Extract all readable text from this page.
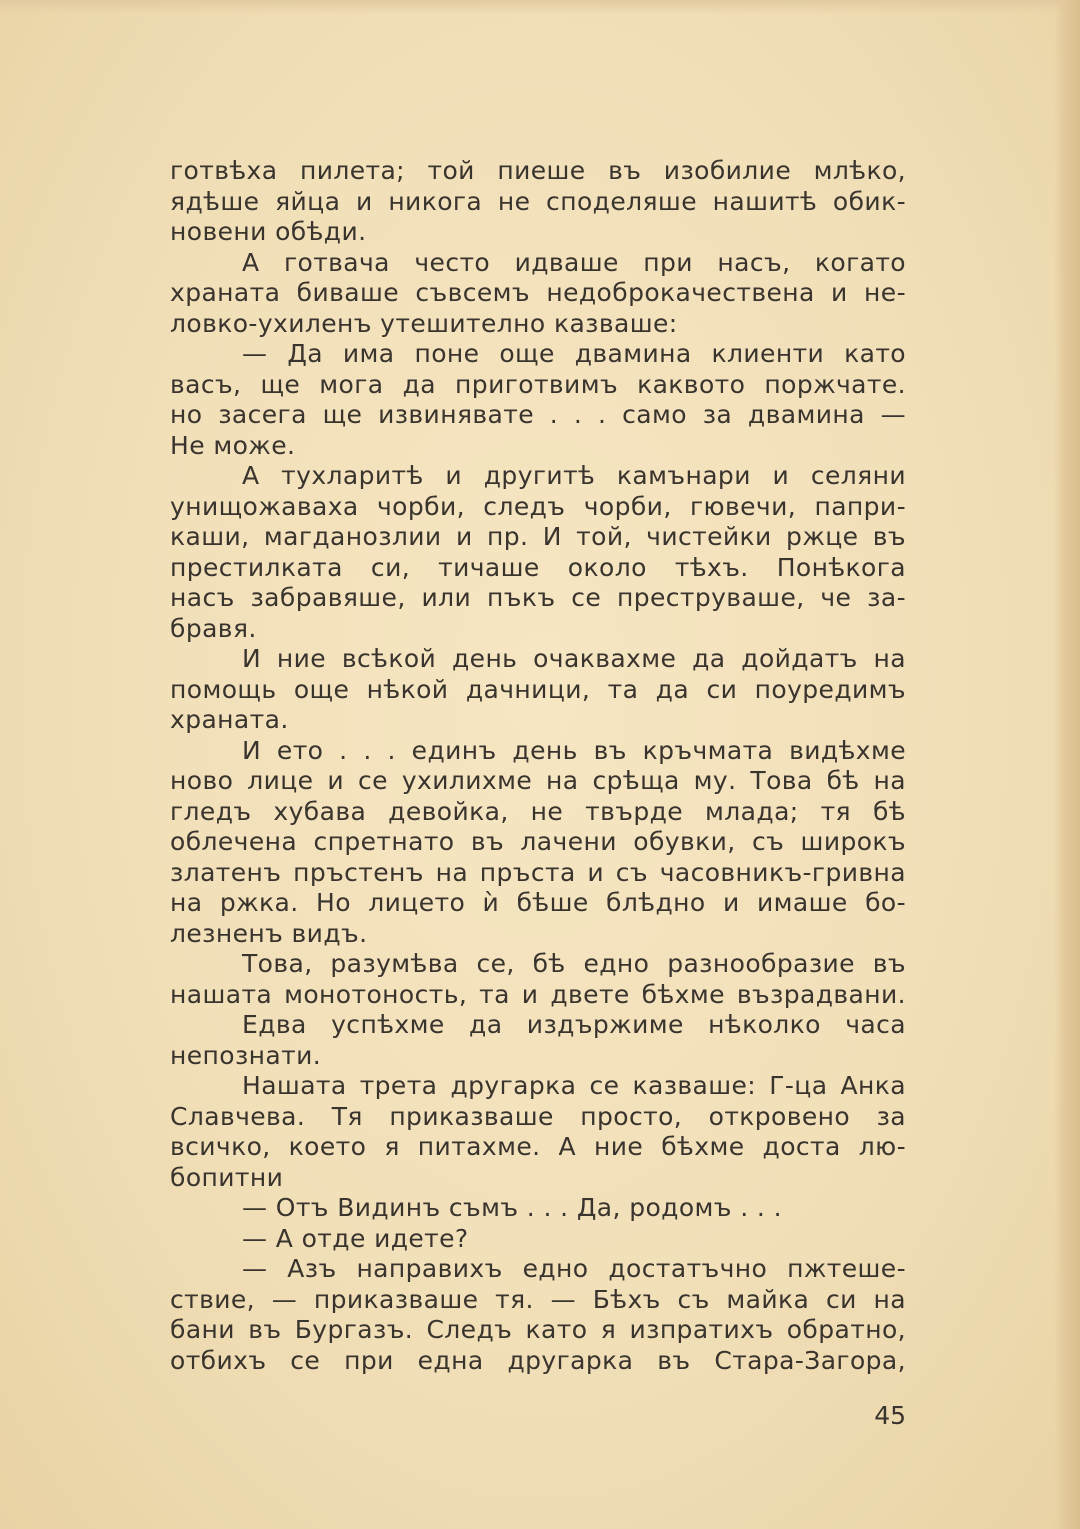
готвѣха пилета; той пиеше въ изобилие млѣко,
ядѣше яйца и никога не споделяше нашитѣ обик-
новени обѣди.
А готвача често идваше при насъ, когато
храната биваше съвсемъ недоброкачествена и не-
ловко-ухиленъ утешително казваше:
— Да има поне още двамина клиенти като
васъ, ще мога да приготвимъ каквото поржчате.
но засега ще извинявате . . . само за двамина —
Не може.
А тухларитѣ и другитѣ камънари и селяни
унищожаваха чорби, следъ чорби, гювечи, папри-
каши, магданозлии и пр. И той, чистейки ржце въ
престилката си, тичаше около тѣхъ. Понѣкога
насъ забравяше, или пъкъ се преструваше, че за-
бравя.
И ние всѣкой день очаквахме да дойдатъ на
помощь още нѣкой дачници, та да си поуредимъ
храната.
И ето . . . единъ день въ кръчмата видѣхме
ново лице и се ухилихме на срѣща му. Това бѣ на
гледъ хубава девойка, не твърде млада; тя бѣ
облечена спретнато въ лачени обувки, съ широкъ
златенъ пръстенъ на пръста и съ часовникъ-гривна
на ржка. Но лицето ѝ бѣше блѣдно и имаше бо-
лезненъ видъ.
Това, разумѣва се, бѣ едно разнообразие въ
нашата монотоность, та и двете бѣхме възрадвани.
Едва успѣхме да издържиме нѣколко часа
непознати.
Нашата трета другарка се казваше: Г-ца Анка
Славчева. Тя приказваше просто, откровено за
всичко, което я питахме. А ние бѣхме доста лю-
бопитни
— Отъ Видинъ съмъ . . . Да, родомъ . . .
— А отде идете?
— Азъ направихъ едно достатъчно пжтеше-
ствие, — приказваше тя. — Бѣхъ съ майка си на
бани въ Бургазъ. Следъ като я изпратихъ обратно,
отбихъ се при една другарка въ Стара-Загора,
45
